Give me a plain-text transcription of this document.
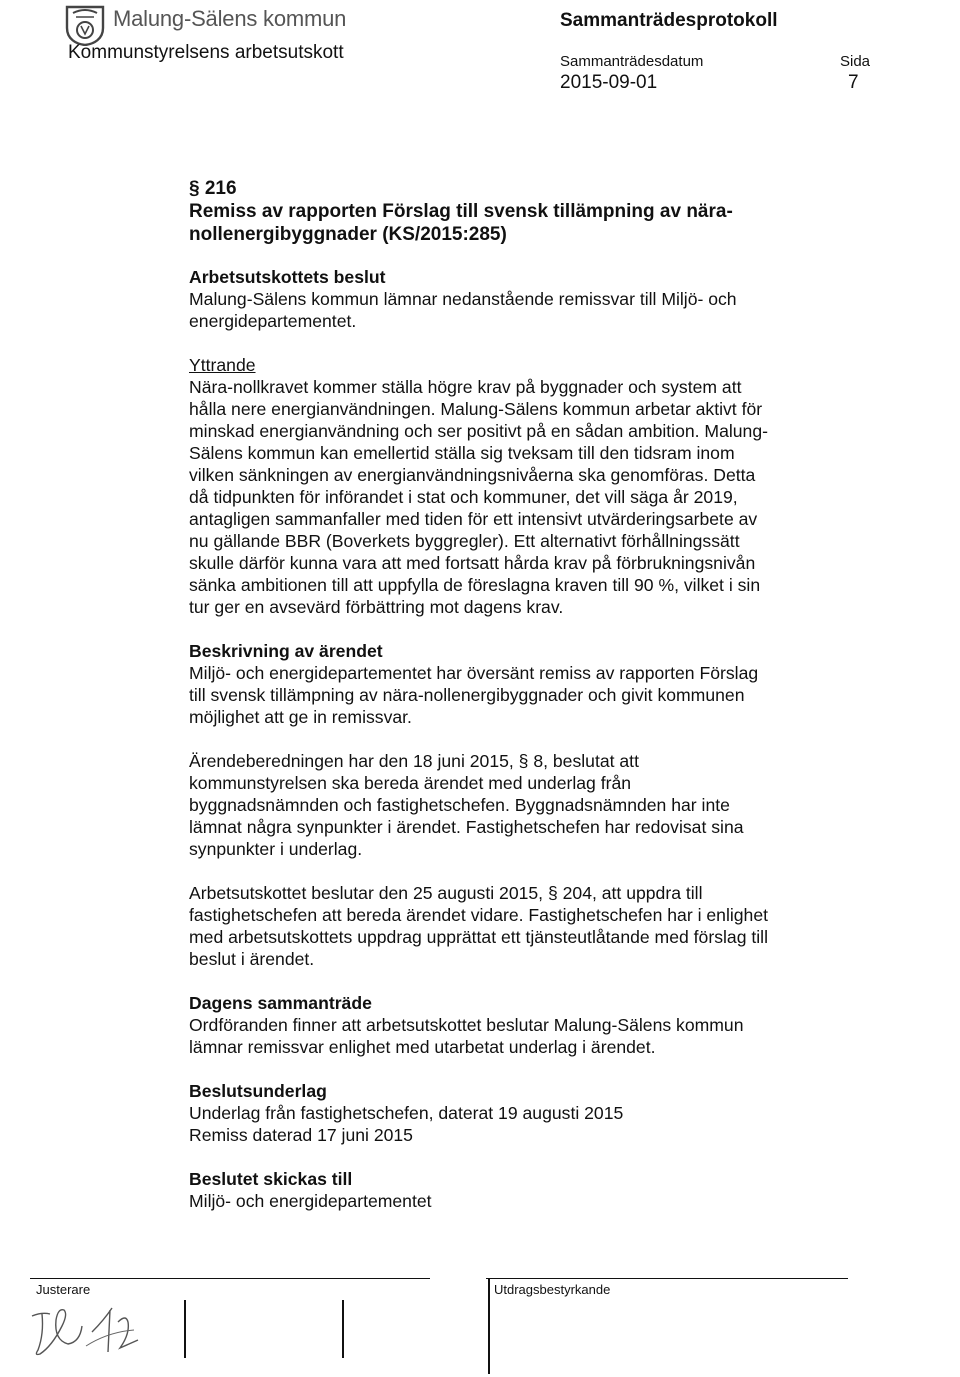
Malung-Sälens kommun	Sammanträdesprotokoll
Kommunstyrelsens arbetsutskott	Sammanträdesdatum
2015-09-01
Sida
7
§ 216
Remiss av rapporten Förslag till svensk tillämpning av nära-
nollenergibyggnader (KS/2015:285)
Arbetsutskottets beslut
Malung-Sälens kommun lämnar nedanstående remissvar till Miljö- och
energidepartementet.
Yttrande
Nära-nollkravet kommer ställa högre krav på byggnader och system att
hålla nere energianvändningen. Malung-Sälens kommun arbetar aktivt för
minskad energianvändning och ser positivt på en sådan ambition. Malung-
Sälens kommun kan emellertid ställa sig tveksam till den tidsram inom
vilken sänkningen av energianvändningsnivåerna ska genomföras. Detta
då tidpunkten för införandet i stat och kommuner, det vill säga år 2019,
antagligen sammanfaller med tiden för ett intensivt utvärderingsarbete av
nu gällande BBR (Boverkets byggregler). Ett alternativt förhållningssätt
skulle därför kunna vara att med fortsatt hårda krav på förbrukningsnivån
sänka ambitionen till att uppfylla de föreslagna kraven till 90 %, vilket i sin
tur ger en avsevärd förbättring mot dagens krav.
Beskrivning av ärendet
Miljö- och energidepartementet har översänt remiss av rapporten Förslag
till svensk tillämpning av nära-nollenergibyggnader och givit kommunen
möjlighet att ge in remissvar.
Ärendeberedningen har den 18 juni 2015, § 8, beslutat att
kommunstyrelsen ska bereda ärendet med underlag från
byggnadsnämnden och fastighetschefen. Byggnadsnämnden har inte
lämnat några synpunkter i ärendet. Fastighetschefen har redovisat sina
synpunkter i underlag.
Arbetsutskottet beslutar den 25 augusti 2015, § 204, att uppdra till
fastighetschefen att bereda ärendet vidare. Fastighetschefen har i enlighet
med arbetsutskottets uppdrag upprättat ett tjänsteutlåtande med förslag till
beslut i ärendet.
Dagens sammanträde
Ordföranden finner att arbetsutskottet beslutar Malung-Sälens kommun
lämnar remissvar enlighet med utarbetat underlag i ärendet.
Beslutsunderlag
Underlag från fastighetschefen, daterat 19 augusti 2015
Remiss daterad 17 juni 2015
Beslutet skickas till
Miljö- och energidepartementet
Justerare	Utdragsbestyrkande
